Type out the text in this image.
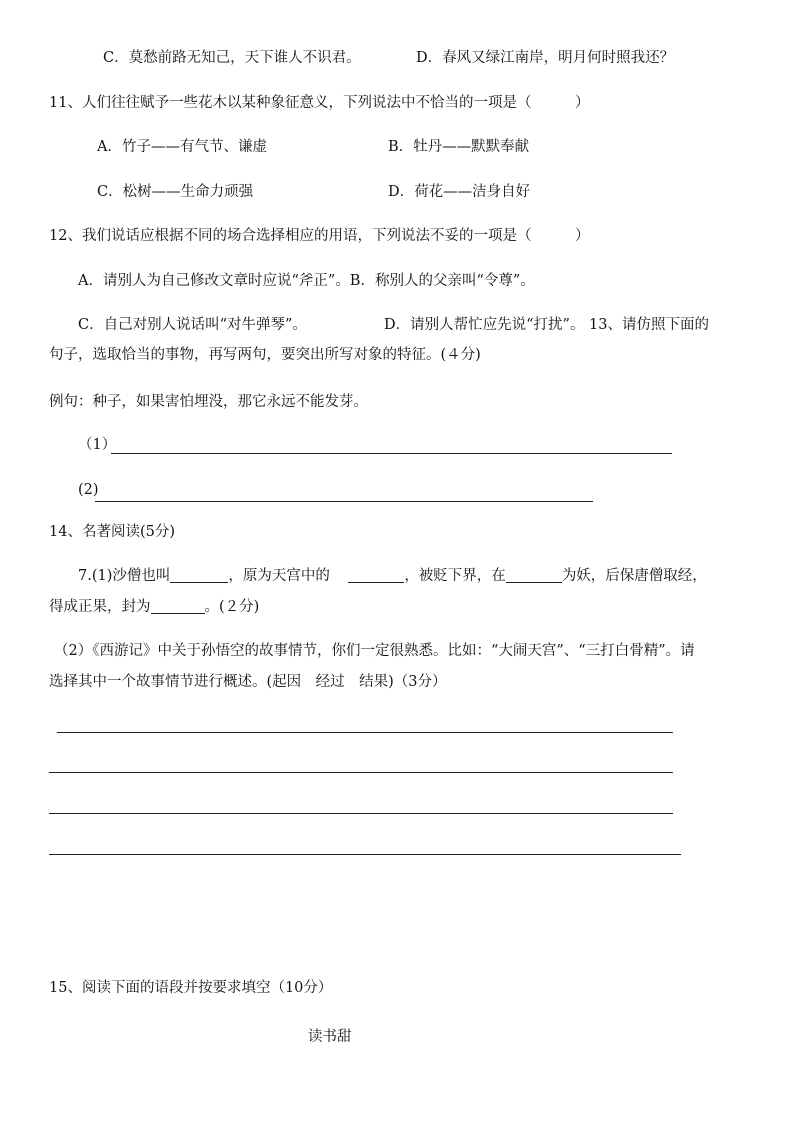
C．莫愁前路无知己，天下谁人不识君。	D．春风又绿江南岸，明月何时照我还？
11、人们往往赋予一些花木以某种象征意义，下列说法中不恰当的一项是（　　　）
A．竹子——有气节、谦虚	B．牡丹——默默奉献
C．松树——生命力顽强	D．荷花——洁身自好
12、我们说话应根据不同的场合选择相应的用语，下列说法不妥的一项是（　　　）
A．请别人为自己修改文章时应说“斧正”。B．称别人的父亲叫“令尊”。
C．自己对别人说话叫“对牛弹琴”。	D．请别人帮忙应先说“打扰”。 13、请仿照下面的
句子，选取恰当的事物，再写两句，要突出所写对象的特征。(４分)
例句：种子，如果害怕埋没，那它永远不能发芽。
（1）
(2)
14、名著阅读(5分)
7.(1)沙僧也叫	，原为天宫中的	，被贬下界，在	为妖，后保唐僧取经，
得成正果，封为	。(２分)
（2）《西游记》中关于孙悟空的故事情节，你们一定很熟悉。比如：“大闹天宫”、“三打白骨精”。请
选择其中一个故事情节进行概述。(起因　经过　结果)（3分）
15、阅读下面的语段并按要求填空（10分）
读书甜
